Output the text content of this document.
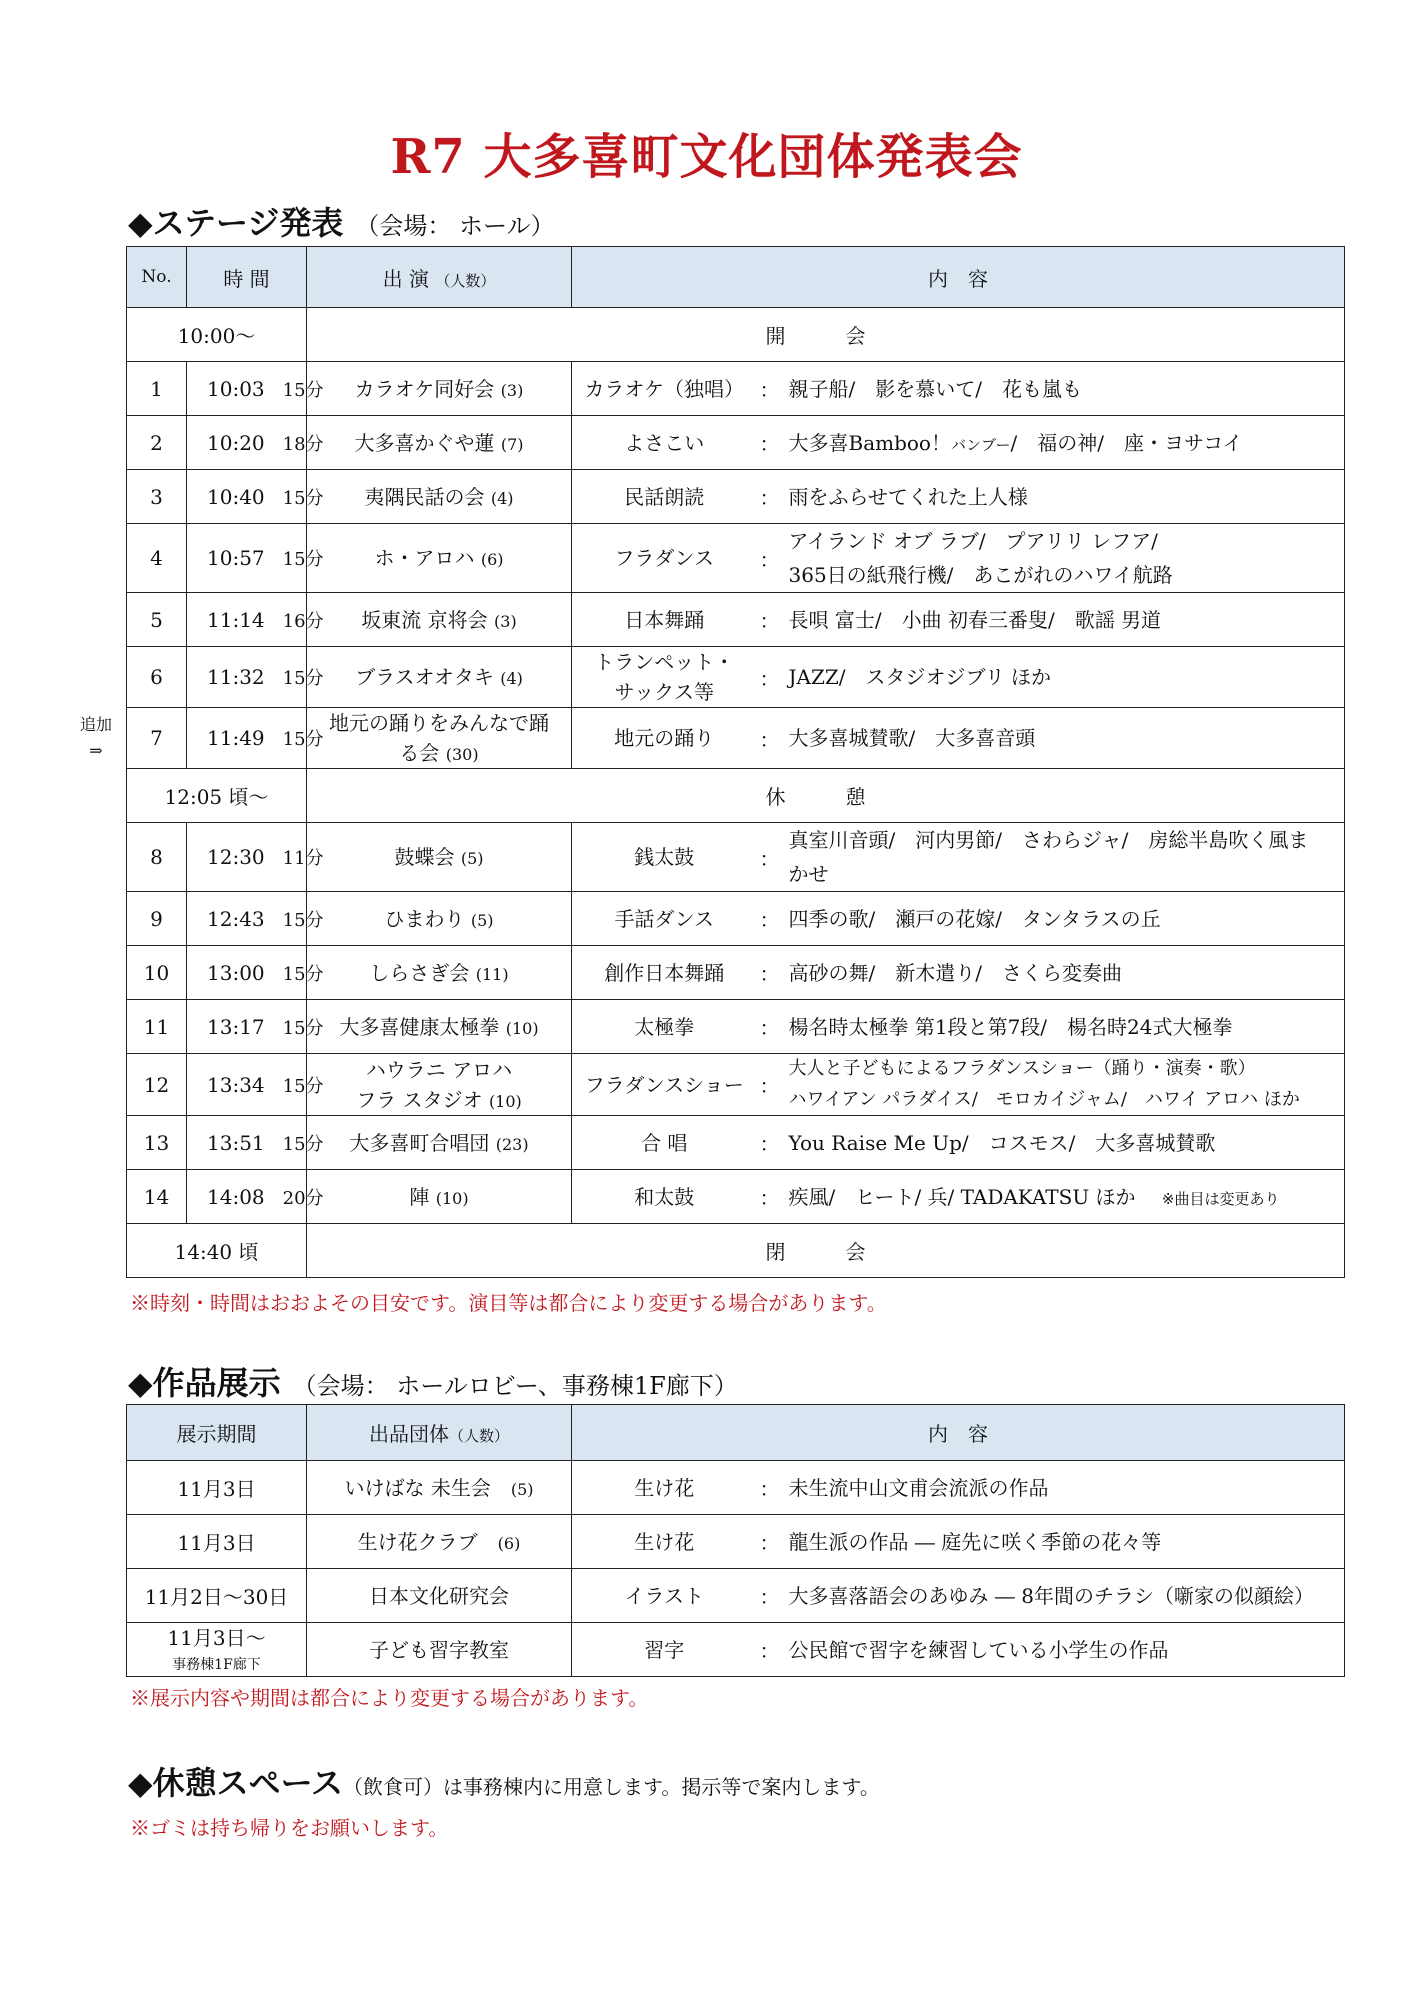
R7 大多喜町文化団体発表会
◆ステージ発表 （会場： ホール）
追加
⇒
No.	時 間	出 演 （人数）	内　容		
10:00～		開　会			
1	10:03 15分	カラオケ同好会 (3)	カラオケ（独唱）	：	親子船/　影を慕いて/　花も嵐も
2	10:20 18分	大多喜かぐや蓮 (7)	よさこい	：	大多喜Bamboo！バンブー/　福の神/　座・ヨサコイ
3	10:40 15分	夷隅民話の会 (4)	民話朗読	：	雨をふらせてくれた上人様
4	10:57 15分	ホ・アロハ (6)	フラダンス	：	アイランド オブ ラブ/　プアリリ レフア/
365日の紙飛行機/　あこがれのハワイ航路
5	11:14 16分	坂東流 京将会 (3)	日本舞踊	：	長唄 富士/　小曲 初春三番叟/　歌謡 男道
6	11:32 15分	ブラスオオタキ (4)	トランペット・
サックス等	：	JAZZ/　スタジオジブリ ほか
7	11:49 15分	地元の踊りをみんなで踊
る会 (30)	地元の踊り	：	大多喜城賛歌/　大多喜音頭
12:05 頃～		休　憩			
8	12:30 11分	鼓蝶会 (5)	銭太鼓	：	真室川音頭/　河内男節/　さわらジャ/　房総半島吹く風ま
かせ
9	12:43 15分	ひまわり (5)	手話ダンス	：	四季の歌/　瀬戸の花嫁/　タンタラスの丘
10	13:00 15分	しらさぎ会 (11)	創作日本舞踊	：	高砂の舞/　新木遣り/　さくら変奏曲
11	13:17 15分	大多喜健康太極拳 (10)	太極拳	：	楊名時太極拳 第1段と第7段/　楊名時24式大極拳
12	13:34 15分	ハウラニ アロハ
フラ スタジオ (10)	フラダンスショー	：	大人と子どもによるフラダンスショー（踊り・演奏・歌）
ハワイアン パラダイス/　モロカイジャム/　ハワイ アロハ ほか
13	13:51 15分	大多喜町合唱団 (23)	合 唱	：	You Raise Me Up/　コスモス/　大多喜城賛歌
14	14:08 20分	陣 (10)	和太鼓	：	疾風/　ヒート/ 兵/ TADAKATSU ほか　 ※曲目は変更あり
14:40 頃		閉　会			
※時刻・時間はおおよその目安です。演目等は都合により変更する場合があります。
◆作品展示 （会場： ホールロビー、事務棟1F廊下）
展示期間	出品団体（人数）	内　容		
11月3日	いけばな 未生会　 (5)	生け花	：	未生流中山文甫会流派の作品
11月3日	生け花クラブ　 (6)	生け花	：	龍生派の作品 ― 庭先に咲く季節の花々等
11月2日～30日	日本文化研究会	イラスト	：	大多喜落語会のあゆみ ― 8年間のチラシ（噺家の似顔絵）
11月3日～
事務棟1F廊下	子ども習字教室	習字	：	公民館で習字を練習している小学生の作品
※展示内容や期間は都合により変更する場合があります。
◆休憩スペース（飲食可）は事務棟内に用意します。掲示等で案内します。
※ゴミは持ち帰りをお願いします。
